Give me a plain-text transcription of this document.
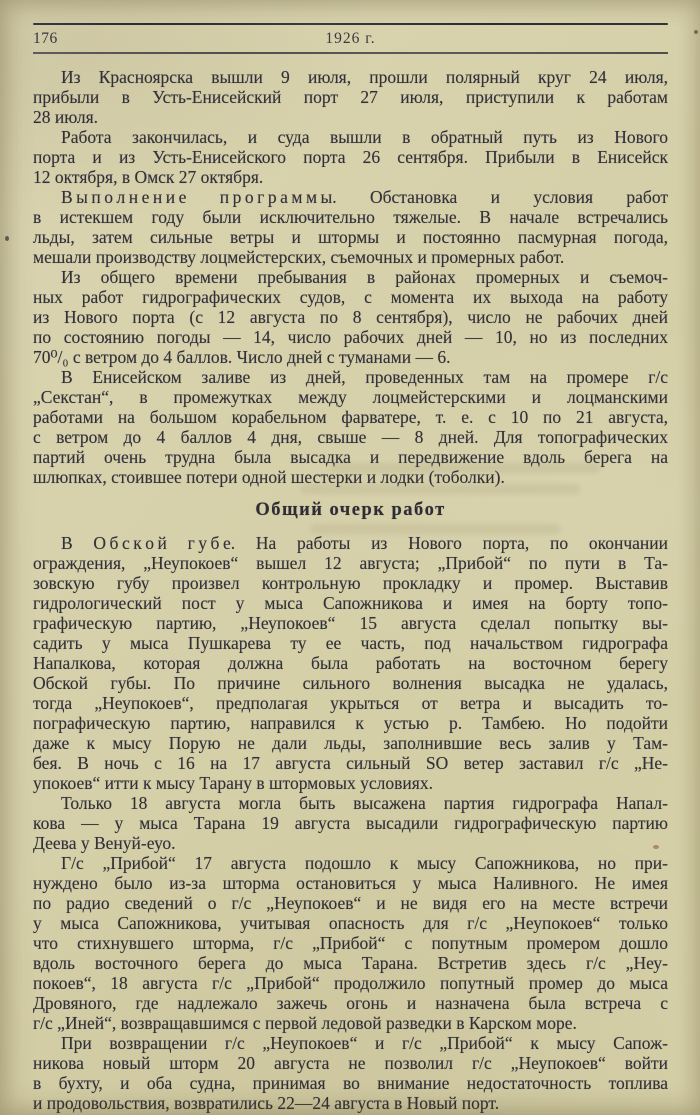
176	1926 г.
Из Красноярска вышли 9 июля, прошли полярный круг 24 июля,
прибыли в Усть-Енисейский порт 27 июля, приступили к работам
28 июля.
Работа закончилась, и суда вышли в обратный путь из Нового
порта и из Усть-Енисейского порта 26 сентября. Прибыли в Енисейск
12 октября, в Омск 27 октября.
В ы п о л н е н и е п р о г р а м м ы. Обстановка и условия работ
в истекшем году были исключительно тяжелые. В начале встречались
льды, затем сильные ветры и штормы и постоянно пасмурная погода,
мешали производству лоцмейстерских, съемочных и промерных работ.
Из общего времени пребывания в районах промерных и съемоч-
ных работ гидрографических судов, с момента их выхода на работу
из Нового порта (с 12 августа по 8 сентября), число не рабочих дней
по состоянию погоды — 14, число рабочих дней — 10, но из последних
70⁰/₀ с ветром до 4 баллов. Число дней с туманами — 6.
В Енисейском заливе из дней, проведенных там на промере г/с
„Секстан“, в промежутках между лоцмейстерскими и лоцманскими
работами на большом корабельном фарватере, т. е. с 10 по 21 августа,
с ветром до 4 баллов 4 дня, свыше — 8 дней. Для топографических
партий очень трудна была высадка и передвижение вдоль берега на
шлюпках, стоившее потери одной шестерки и лодки (тоболки).
Общий очерк работ
В О б с к о й г у б е. На работы из Нового порта, по окончании
ограждения, „Неупокоев“ вышел 12 августа; „Прибой“ по пути в Та-
зовскую губу произвел контрольную прокладку и промер. Выставив
гидрологический пост у мыса Сапожникова и имея на борту топо-
графическую партию, „Неупокоев“ 15 августа сделал попытку вы-
садить у мыса Пушкарева ту ее часть, под начальством гидрографа
Напалкова, которая должна была работать на восточном берегу
Обской губы. По причине сильного волнения высадка не удалась,
тогда „Неупокоев“, предполагая укрыться от ветра и высадить то-
пографическую партию, направился к устью р. Тамбею. Но подойти
даже к мысу Порую не дали льды, заполнившие весь залив у Там-
бея. В ночь с 16 на 17 августа сильный SO ветер заставил г/с „Не-
упокоев“ итти к мысу Тарану в штормовых условиях.
Только 18 августа могла быть высажена партия гидрографа Напал-
кова — у мыса Тарана 19 августа высадили гидрографическую партию
Деева у Венуй-еуо.
Г/с „Прибой“ 17 августа подошло к мысу Сапожникова, но при-
нуждено было из-за шторма остановиться у мыса Наливного. Не имея
по радио сведений о г/с „Неупокоев“ и не видя его на месте встречи
у мыса Сапожникова, учитывая опасность для г/с „Неупокоев“ только
что стихнувшего шторма, г/с „Прибой“ с попутным промером дошло
вдоль восточного берега до мыса Тарана. Встретив здесь г/с „Неу-
покоев“, 18 августа г/с „Прибой“ продолжило попутный промер до мыса
Дровяного, где надлежало зажечь огонь и назначена была встреча с
г/с „Иней“, возвращавшимся с первой ледовой разведки в Карском море.
При возвращении г/с „Неупокоев“ и г/с „Прибой“ к мысу Сапож-
никова новый шторм 20 августа не позволил г/с „Неупокоев“ войти
в бухту, и оба судна, принимая во внимание недостаточность топлива
и продовольствия, возвратились 22—24 августа в Новый порт.
